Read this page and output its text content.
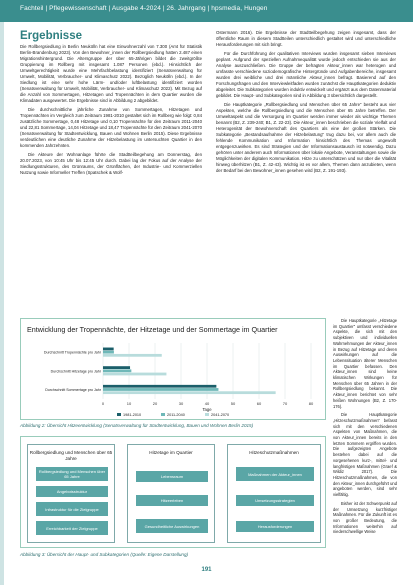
Fachteil | Pflegewissenschaft | Ausgabe 4-2024 | 26. Jahrgang | hpsmedia, Hungen
Ergebnisse

Die Rollbergsiedlung in Berlin Neukölln hat eine Einwohnerzahl von 7.300 (Amt für Statistik Berlin-Brandenburg 2023). Von den Bewohner_innen der Rollbergsiedlung hatten 2.487 einen Migrationshintergrund. Die Altersgruppe der über 65-Jährigen bildet die zweitgrößte Gruppierung im Rollberg mit insgesamt 1.087 Personen (ebd.). Hinsichtlich der Umweltgerechtigkeit wurde eine Mehrfachbelastung identifiziert (Senatsverwaltung für Umwelt, Mobilität, Verbraucher- und Klimaschutz 2022). Bezüglich Neukölln (ebd.). In der Siedlung ist eine sehr hohe Lärm- und/oder luftbelastung identifiziert worden (Senatsverwaltung für Umwelt, Mobilität, Verbraucher- und Klimaschutz 2022). Mit Bezug auf die Anzahl von Sommertagen, Hitzetagen und Tropennächten in dem Quartier wurden die Klimadaten ausgewertet. Die Ergebnisse sind in Abbildung 2 abgebildet.

Die durchschnittliche jährliche Zunahme von Sommertagen, Hitzetagen und Tropennächten im Vergleich zum Zeitraum 1981-2010 gestaltet sich im Rollberg wie folgt: 0,84 zusätzliche Sommertage, 0,48 Hitzetage und 0,10 Tropennächte für den Zeitraum 2011-2040 und 22,81 Sommertage, 14,04 Hitzetage und 18,47 Tropennächte für den Zeitraum 2041-2070 (Senatsverwaltung für Stadtentwicklung, Bauen und Wohnen Berlin 2015). Diese Ergebnisse verdeutlichen eine deutliche Zunahme der Hitzebelastung im untersuchten Quartier in den kommenden Jahrzehnten.

Die Akteure der Wohnanlage führte die Stadtteilbegehung am Donnerstag, den 20.07.2023, von 10:45 Uhr bis 12:45 Uhr durch. Dabei lag der Fokus auf der Analyse der Siedlungsstrukturen, des Grünraums, der Grünflächen, der Industrie- und Kommerziellen Nutzung sowie Informeller Treffen (Spatschek & Wolf-

Ostermann 2016). Die Ergebnisse der Stadtteilbegehung zeigen insgesamt, dass der öffentliche Raum in diesem Stadtteilen unterschiedlich gestaltet wird und unterschiedliche Herausforderungen mit sich bringt.

Für die Durchführung der qualitativen Interviews wurden insgesamt sieben Interviews geplant. Aufgrund der speziellen Aufnahmequalität wurde jedoch entschieden sie aus der Analyse auszuschließen. Die Gruppe der befragten Akteur_innen war heterogen und umfasste verschiedene soziodemografische Hintergründe und Aufgabenbereiche, insgesamt wurden drei weibliche und drei männliche Akteur_innen befragt. Basierend auf den Forschungsfragen und den Interviewleitfaden wurden zunächst die Hauptkategorien deduktiv abgeleitet. Die Subkategorien wurden induktiv entwickelt und ergänzt aus dem Datenmaterial gebildet. Die Haupt- und Subkategorien sind in Abbildung 3 übersichtlich dargestellt.

Die Hauptkategorie „Rollbergsiedlung und Menschen über 65 Jahre“ besteht aus vier Aspekten, welche die Rollbergsiedlung und die Menschen über 65 Jahre betreffen. Der Umweltaspekt und die Versorgung im Quartier werden immer wieder als wichtige Themen benannt (B2, Z. 239-240; B1, Z. 22-23). Die Akteur_innen beschrieben die soziale Vielfalt und Heterogenität der Bewohnerschaft des Quartiers als eine der großen Stärken. Die Subkategorie „Bestandsaufnahme der Hitzebelastung“ trug dazu bei, vor allem auch die fehlende Kommunikation und Information hinsichtlich des Themas ungewollt entgegenzuwirken. Es sind Strategien und der Informationsaustausch ist notwendig. Dazu gehören unter anderem auch Informationen über lokale Angebote, Veranstaltungen sowie die Möglichkeiten der digitalen Kommunikation. Hitze zu unterschätzen und nur über die Vitalität hinweg überhitzen (B1, Z. 42-43). Wichtig ist es vor allem, Themen dann anzubieten, wenn der Bedarf bei den Bewohner_innen gesehen wird (B2, Z. 191-193).

Entwicklung der Tropennächte, der Hitzetage und der Sommertage im Quartier
0	10	20	30	40	50	60	70	80
Durchschnitt Tropennächte pro Jahr
Durchschnitt Hitzetage pro Jahr
Durchschnitt Sommertage pro Jahr
Tage
1981-2010	2011-2040	2041-2070
Abbildung 2: Übersicht Hitzeentwicklung (Senatsverwaltung für Stadtentwicklung, Bauen und Wohnen Berlin 2015)

Die Hauptkategorie „Hitzetage im Quartier“ umfasst verschiedene Aspekte, die sich mit den subjektiven und individuellen Wahrnehmungen der Akteur_innen in Bezug auf Hitzetage und deren Auswirkungen auf die Lebenssituation älterer Menschen im Quartier befassen. Den Akteur_innen sind keine klimatischen Wirkungen für Menschen über 65 Jahren in der Rollbergsiedlung bekannt. Die Akteur_innen berichtet von sehr heißen Wohnungen (B2, Z. 170-176).

Die Hauptkategorie „Hitzeschutzmaßnahmen“ befasst sich mit den verschiedenen Aspekten von Maßnahmen, die von Akteur_innen bereits in den letzten Sommern ergriffen wurden. Die aufgezeigten Angebote bestehen dabei auf die vorgesehenen kurz-, mittel- und langfristigen Maßnahmen (Graef & Wildiz 2017). Die Hitzeschutzmaßnahmen, die von den Akteur_innen durchgeführt und angeboten werden, sind sehr vielfältig.

Bisher ist der Schwerpunkt auf der Umsetzung kurzfristiger Maßnahmen. Für die Zukunft ist es von großer Bedeutung, die Informationen weiterhin auf niederschwellige Weise

Rollbergsiedlung und Menschen über 65 Jahre
Rollbergsiedlung und Menschen über 65 Jahre
Angebotsstruktur
Infrastruktur für die Zielgruppe
Erreichbarkeit der Zielgruppe
Hitzetage im Quartier
Lebensraum
Hitzeerleben
Gesundheitliche Auswirkungen
Hitzeschutzmaßnahmen
Maßnahmen der Akteur_innen
Umsetzungsstrategien
Herausforderungen
Abbildung 3: Übersicht der Haupt- und Subkategorien (Quelle: Eigene Darstellung)
191
